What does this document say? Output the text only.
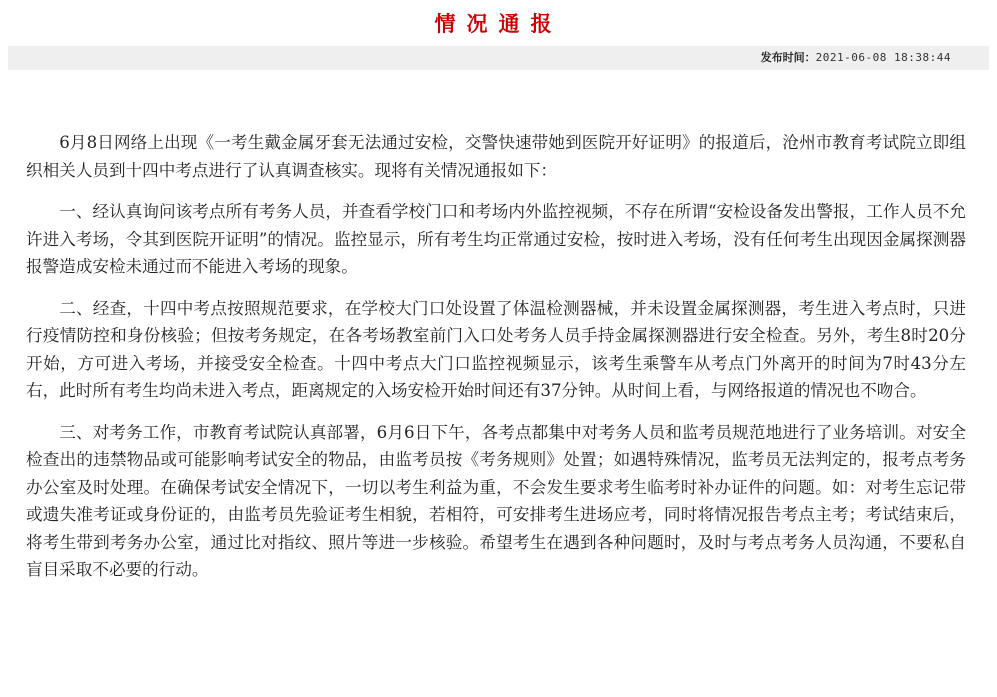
情况通报
发布时间：2021-06-08 18:38:44

6月8日网络上出现《一考生戴金属牙套无法通过安检，交警快速带她到医院开好证明》的报道后，沧州市教育考试院立即组织相关人员到十四中考点进行了认真调查核实。现将有关情况通报如下：

一、经认真询问该考点所有考务人员，并查看学校门口和考场内外监控视频，不存在所谓“安检设备发出警报，工作人员不允许进入考场，令其到医院开证明”的情况。监控显示，所有考生均正常通过安检，按时进入考场，没有任何考生出现因金属探测器报警造成安检未通过而不能进入考场的现象。

二、经查，十四中考点按照规范要求，在学校大门口处设置了体温检测器械，并未设置金属探测器，考生进入考点时，只进行疫情防控和身份核验；但按考务规定，在各考场教室前门入口处考务人员手持金属探测器进行安全检查。另外，考生8时20分开始，方可进入考场，并接受安全检查。十四中考点大门口监控视频显示，该考生乘警车从考点门外离开的时间为7时43分左右，此时所有考生均尚未进入考点，距离规定的入场安检开始时间还有37分钟。从时间上看，与网络报道的情况也不吻合。

三、对考务工作，市教育考试院认真部署，6月6日下午，各考点都集中对考务人员和监考员规范地进行了业务培训。对安全检查出的违禁物品或可能影响考试安全的物品，由监考员按《考务规则》处置；如遇特殊情况，监考员无法判定的，报考点考务办公室及时处理。在确保考试安全情况下，一切以考生利益为重，不会发生要求考生临考时补办证件的问题。如：对考生忘记带或遗失准考证或身份证的，由监考员先验证考生相貌，若相符，可安排考生进场应考，同时将情况报告考点主考；考试结束后，将考生带到考务办公室，通过比对指纹、照片等进一步核验。希望考生在遇到各种问题时，及时与考点考务人员沟通，不要私自盲目采取不必要的行动。
